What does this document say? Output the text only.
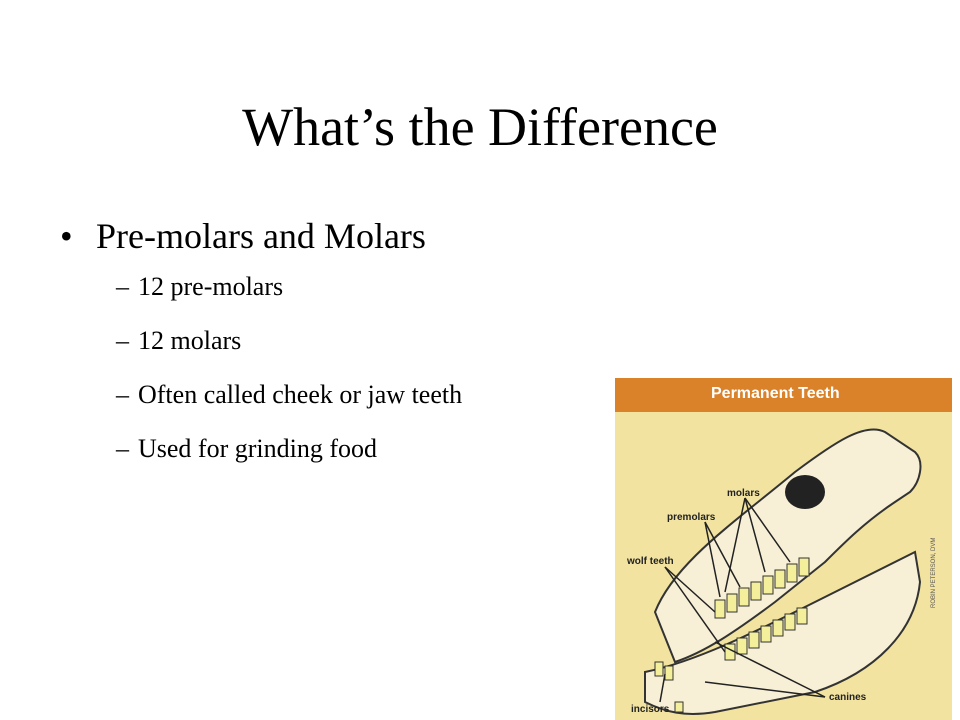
What’s the Difference
• Pre-molars and Molars
– 12 pre-molars
– 12 molars
– Often called cheek or jaw teeth
– Used for grinding food
Permanent Teeth
molars
premolars
wolf teeth
incisors
canines
ROBIN PETERSON, DVM
